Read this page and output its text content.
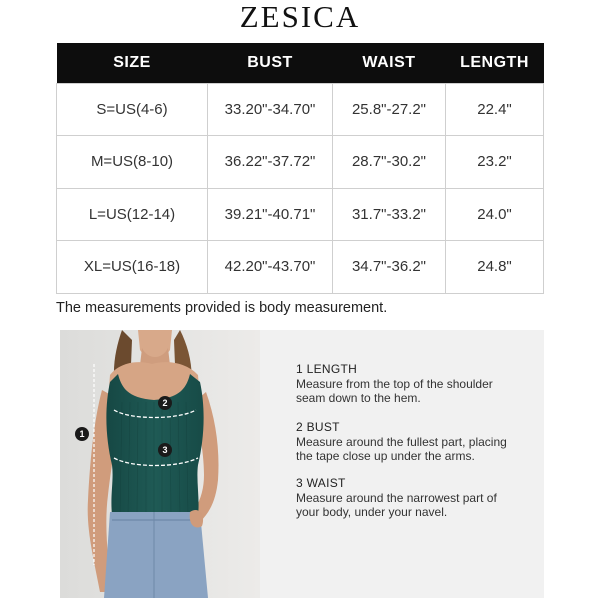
ZESICA
SIZE	BUST	WAIST	LENGTH
S=US(4-6)	33.20"-34.70"	25.8"-27.2"	22.4"
M=US(8-10)	36.22"-37.72"	28.7"-30.2"	23.2"
L=US(12-14)	39.21"-40.71"	31.7"-33.2"	24.0"
XL=US(16-18)	42.20"-43.70"	34.7"-36.2"	24.8"
The measurements provided is body measurement.
1
2
3
1 LENGTH
Measure from the top of the shoulder
seam down to the hem.
2 BUST
Measure around the fullest part, placing
the tape close up under the arms.
3 WAIST
Measure around the narrowest part of
your body, under your navel.
